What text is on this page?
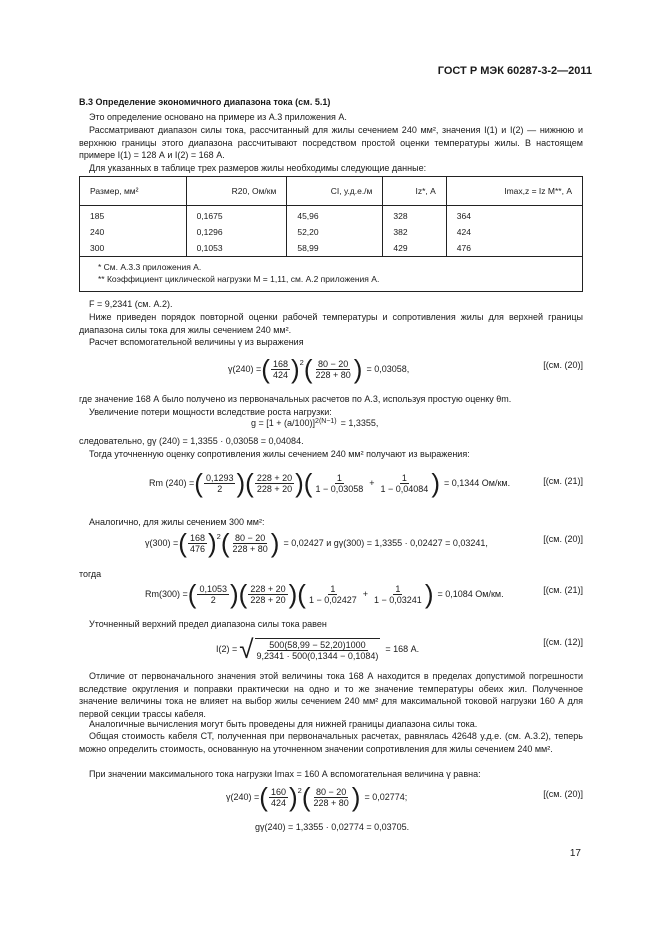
ГОСТ Р МЭК 60287-3-2—2011
В.3 Определение экономичного диапазона тока (см. 5.1)
Это определение основано на примере из А.3 приложения А.
Рассматривают диапазон силы тока, рассчитанный для жилы сечением 240 мм², значения I(1) и I(2) — нижнюю и верхнюю границы этого диапазона рассчитывают посредством простой оценки температуры жилы. В настоящем примере I(1) = 128 А и I(2) = 168 А.
Для указанных в таблице трех размеров жилы необходимы следующие данные:
Размер, мм²	R20, Ом/км	CI, у.д.е./м	Iz*, А	Imax,z = Iz M**, А
185	0,1675	45,96	328	364
240	0,1296	52,20	382	424
300	0,1053	58,99	429	476

* См. А.3.3 приложения А.
** Коэффициент циклической нагрузки M = 1,11, см. А.2 приложения А.				
F = 9,2341 (см. А.2).
Ниже приведен порядок повторной оценки рабочей температуры и сопротивления жилы для верхней границы диапазона силы тока для жилы сечением 240 мм².
Расчет вспомогательной величины γ из выражения
γ(240) = ( $\frac{168}{424} )^2$ ( $\frac{80 - 20}{228 + 80}$ ) = 0,03058,	[(см. (20)]
где значение 168 А было получено из первоначальных расчетов по А.3, используя простую оценку θm.
Увеличение потери мощности вследствие роста нагрузки:
g = [1 + (a/100)] 2(N−1) = 1,3355,
следовательно, gγ (240) = 1,3355 · 0,03058 = 0,04084.
Тогда уточненную оценку сопротивления жилы сечением 240 мм² получают из выражения:
Rm (240) = ( $\frac{0,1293}{2}$ ) ( $\frac{228 + 20}{228 + 20}$ ) ( $\frac{1}{1 - 0,03058} + \frac{1}{1 - 0,04084}$ ) = 0,1344 Ом/км.	[(см. (21)]
Аналогично, для жилы сечением 300 мм²:
γ(300) = ( $\frac{168}{476} )^2$ ( $\frac{80 - 20}{228 + 80}$ ) = 0,02427 и gγ(300) = 1,3355 · 0,02427 = 0,03241,	[(см. (20)]
тогда
Rm(300) = ( $\frac{0,1053}{2}$ ) ( $\frac{228 + 20}{228 + 20}$ ) ( $\frac{1}{1 - 0,02427} + \frac{1}{1 - 0,03241}$ ) = 0,1084 Ом/км.	[(см. (21)]
Уточненный верхний предел диапазона силы тока равен
I(2) = √ $\frac{500(58,99 - 52,20)1000}{9,2341 \cdot 500(0,1344 - 0,1084)} = 168$ А.
[(см. (12)]
Отличие от первоначального значения этой величины тока 168 А находится в пределах допустимой погрешности вследствие округления и поправки практически на одно и то же значение температуры обеих жил. Полученное значение величины тока не влияет на выбор жилы сечением 240 мм² для максимальной токовой нагрузки 160 А для первой секции трассы кабеля.
Аналогичные вычисления могут быть проведены для нижней границы диапазона силы тока.
Общая стоимость кабеля CT, полученная при первоначальных расчетах, равнялась 42648 у.д.е. (см. А.3.2), теперь можно определить стоимость, основанную на уточненном значении сопротивления для жилы сечением 240 мм².
При значении максимального тока нагрузки Imax = 160 А вспомогательная величина γ равна:
γ(240) = ( $\frac{160}{424} )^2$ ( $\frac{80 - 20}{228 + 80}$ ) = 0,02774;	[(см. (20)]
gγ(240) = 1,3355 · 0,02774 = 0,03705.
17
